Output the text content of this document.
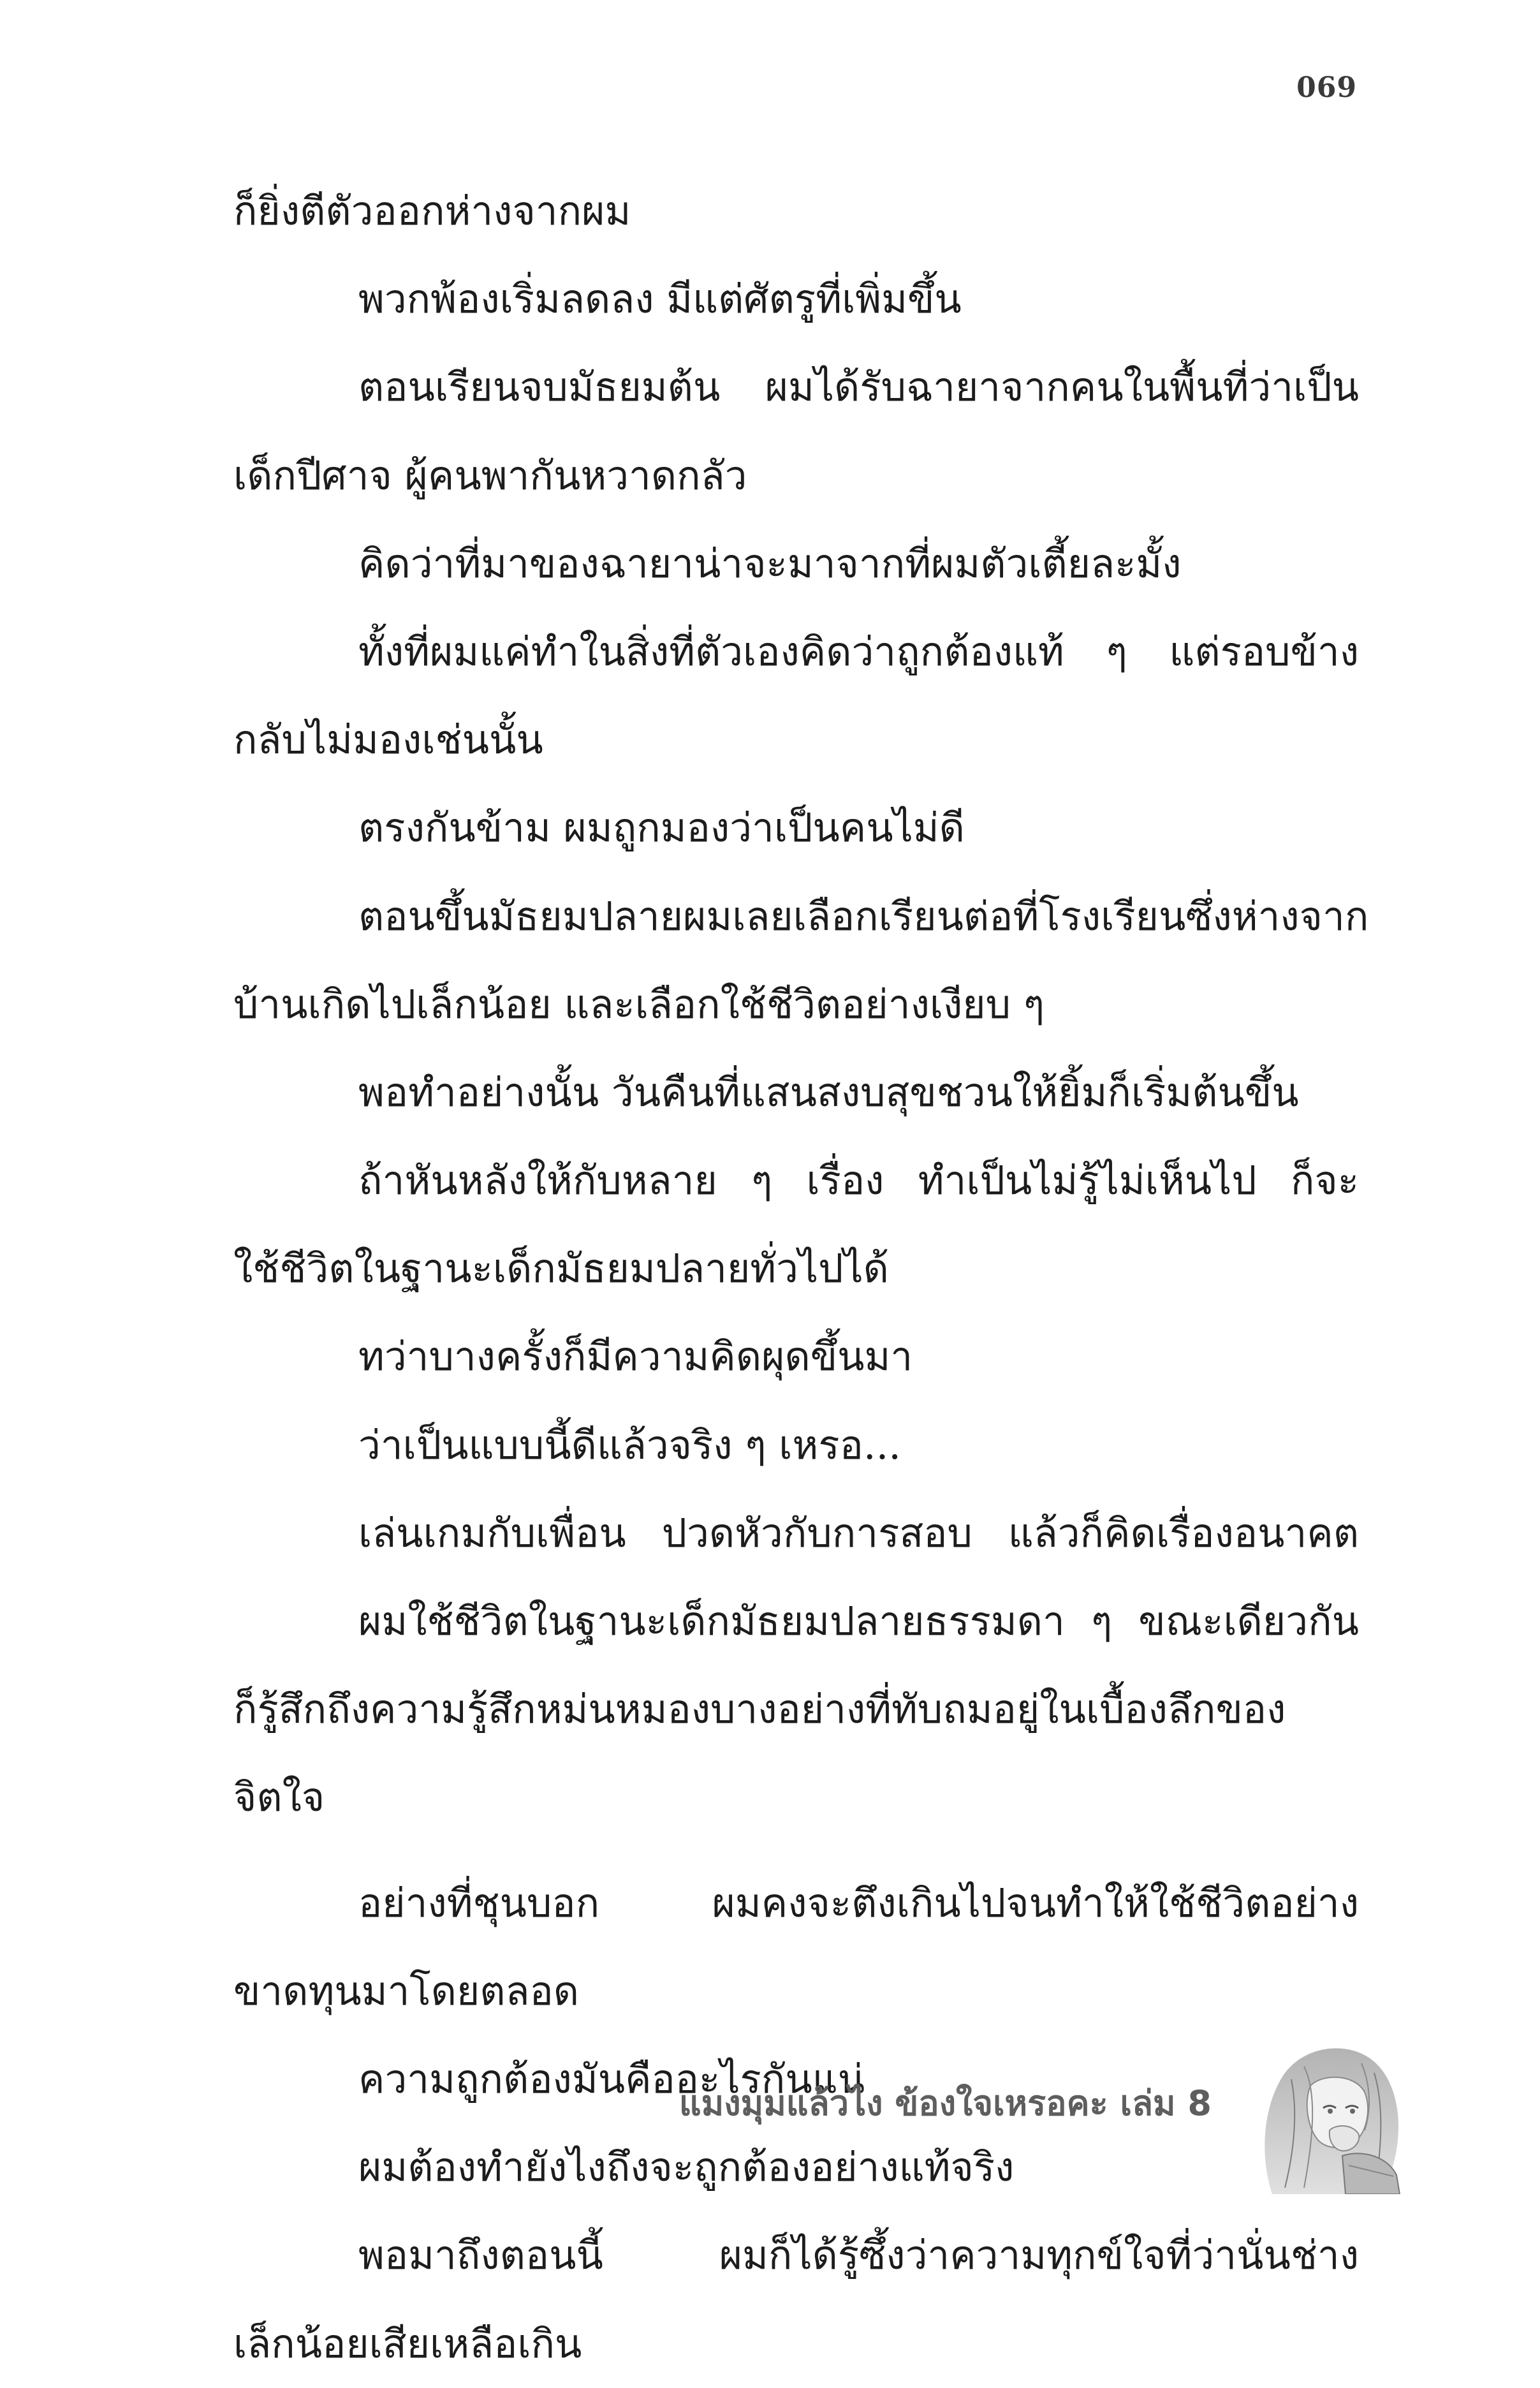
069
ก็ยิ่งตีตัวออกห่างจากผม
พวกพ้องเริ่มลดลง มีแต่ศัตรูที่เพิ่มขึ้น
ตอนเรียนจบมัธยมต้น ผมได้รับฉายาจากคนในพื้นที่ว่าเป็น
เด็กปีศาจ ผู้คนพากันหวาดกลัว
คิดว่าที่มาของฉายาน่าจะมาจากที่ผมตัวเตี้ยละมั้ง
ทั้งที่ผมแค่ทำในสิ่งที่ตัวเองคิดว่าถูกต้องแท้ ๆ แต่รอบข้าง
กลับไม่มองเช่นนั้น
ตรงกันข้าม ผมถูกมองว่าเป็นคนไม่ดี
ตอนขึ้นมัธยมปลายผมเลยเลือกเรียนต่อที่โรงเรียนซึ่งห่างจาก
บ้านเกิดไปเล็กน้อย และเลือกใช้ชีวิตอย่างเงียบ ๆ
พอทำอย่างนั้น วันคืนที่แสนสงบสุขชวนให้ยิ้มก็เริ่มต้นขึ้น
ถ้าหันหลังให้กับหลาย ๆ เรื่อง ทำเป็นไม่รู้ไม่เห็นไป ก็จะ
ใช้ชีวิตในฐานะเด็กมัธยมปลายทั่วไปได้
ทว่าบางครั้งก็มีความคิดผุดขึ้นมา
ว่าเป็นแบบนี้ดีแล้วจริง ๆ เหรอ...
เล่นเกมกับเพื่อน ปวดหัวกับการสอบ แล้วก็คิดเรื่องอนาคต
ผมใช้ชีวิตในฐานะเด็กมัธยมปลายธรรมดา ๆ ขณะเดียวกัน
ก็รู้สึกถึงความรู้สึกหม่นหมองบางอย่างที่ทับถมอยู่ในเบื้องลึกของ
จิตใจ
อย่างที่ชุนบอก ผมคงจะตึงเกินไปจนทำให้ใช้ชีวิตอย่าง
ขาดทุนมาโดยตลอด
ความถูกต้องมันคืออะไรกันแน่
ผมต้องทำยังไงถึงจะถูกต้องอย่างแท้จริง
พอมาถึงตอนนี้ ผมก็ได้รู้ซึ้งว่าความทุกข์ใจที่ว่านั่นช่าง
เล็กน้อยเสียเหลือเกิน
แมงมุมแล้วไง ข้องใจเหรอคะ เล่ม 8
